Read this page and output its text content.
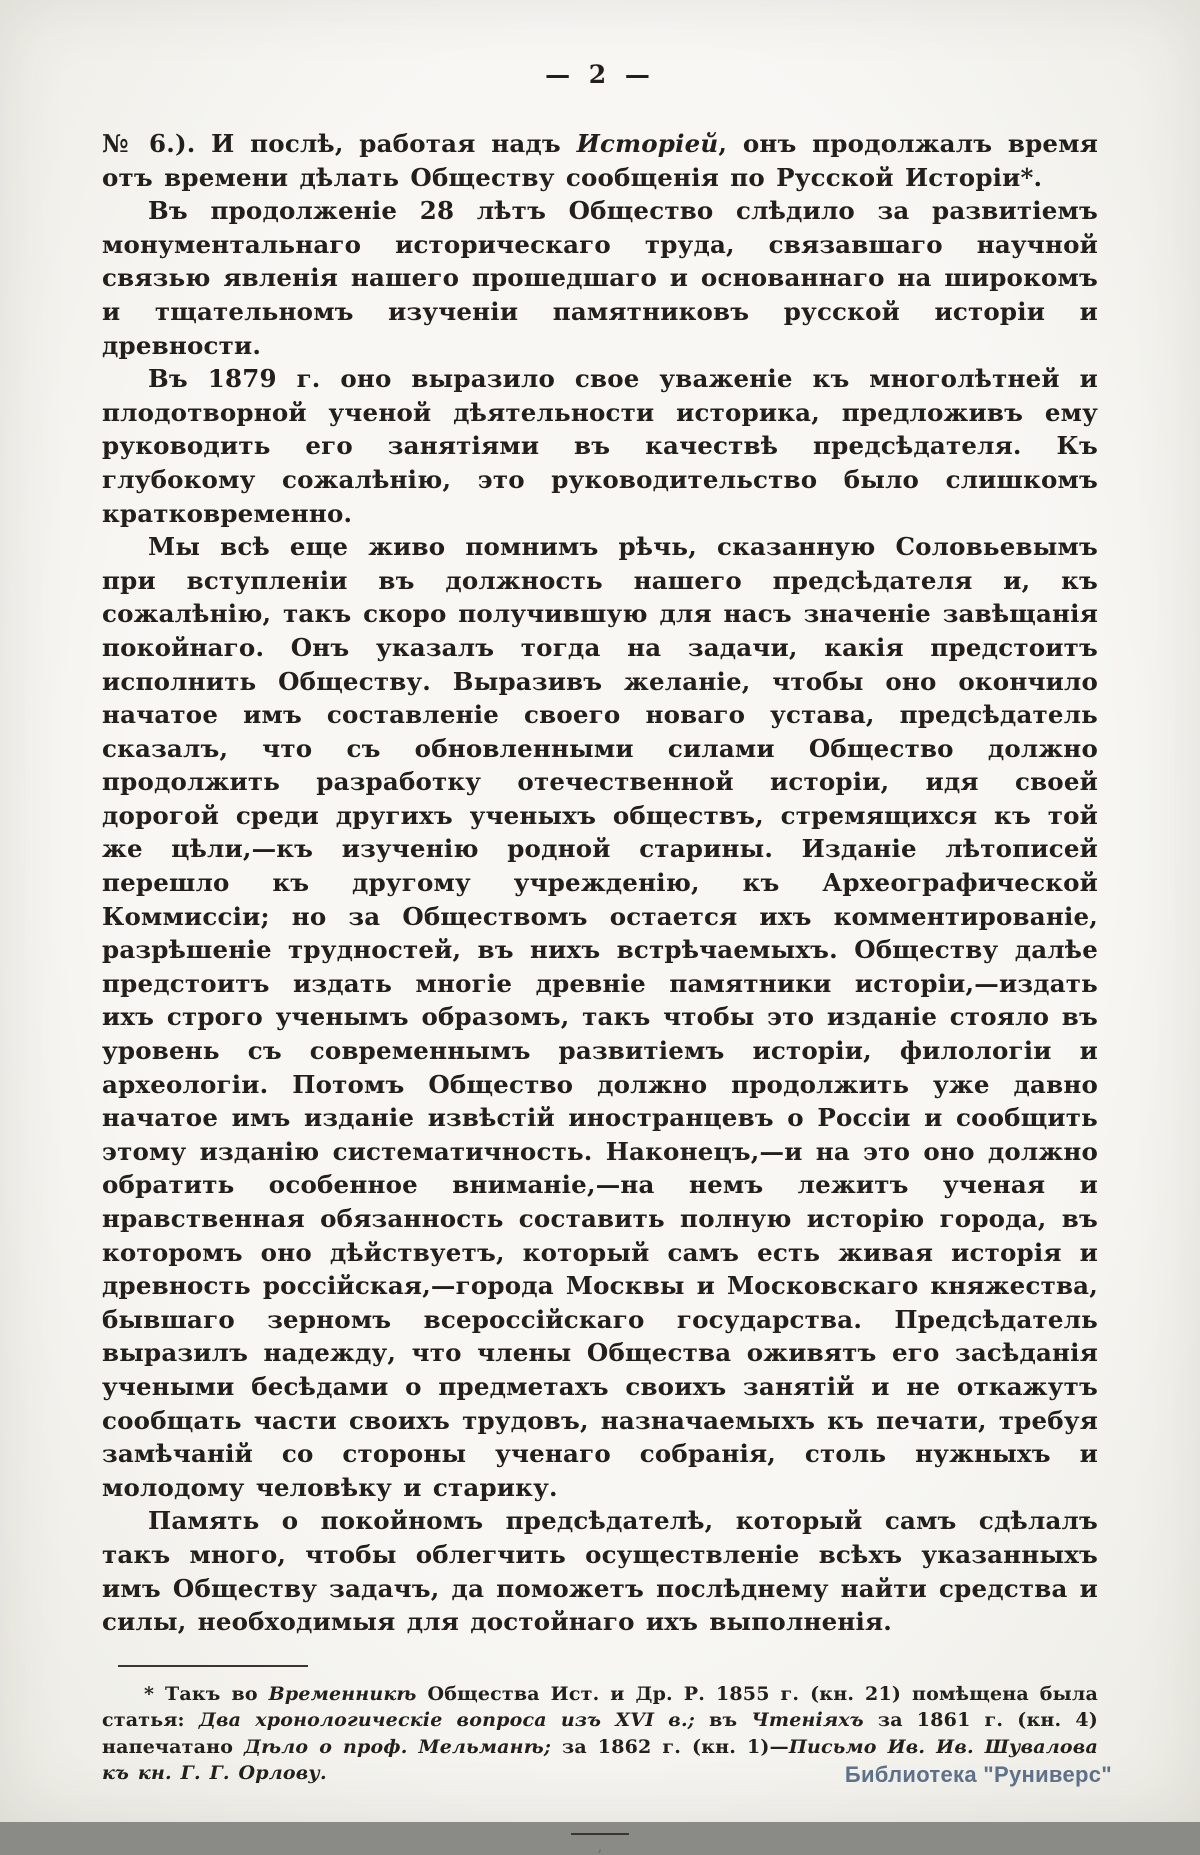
— 2 —

№ 6.). И послѣ, работая надъ Исторіей, онъ продолжалъ время отъ времени дѣлать Обществу сообщенія по Русской Исторіи*.

Въ продолженіе 28 лѣтъ Общество слѣдило за развитіемъ монументальнаго историческаго труда, связавшаго научной связью явленія нашего прошедшаго и основаннаго на широкомъ и тщательномъ изученіи памятниковъ русской исторіи и древности.

Въ 1879 г. оно выразило свое уваженіе къ многолѣтней и плодотворной ученой дѣятельности историка, предложивъ ему руководить его занятіями въ качествѣ предсѣдателя. Къ глубокому сожалѣнію, это руководительство было слишкомъ кратковременно.

Мы всѣ еще живо помнимъ рѣчь, сказанную Соловьевымъ при вступленіи въ должность нашего предсѣдателя и, къ сожалѣнію, такъ скоро получившую для насъ значеніе завѣщанія покойнаго. Онъ указалъ тогда на задачи, какія предстоитъ исполнить Обществу. Выразивъ желаніе, чтобы оно окончило начатое имъ составленіе своего новаго устава, предсѣдатель сказалъ, что съ обновленными силами Общество должно продолжить разработку отечественной исторіи, идя своей дорогой среди другихъ ученыхъ обществъ, стремящихся къ той же цѣли,—къ изученію родной старины. Изданіе лѣтописей перешло къ другому учрежденію, къ Археографической Коммиссіи; но за Обществомъ остается ихъ комментированіе, разрѣшеніе трудностей, въ нихъ встрѣчаемыхъ. Обществу далѣе предстоитъ издать многіе древніе памятники исторіи,—издать ихъ строго ученымъ образомъ, такъ чтобы это изданіе стояло въ уровень съ современнымъ развитіемъ исторіи, филологіи и археологіи. Потомъ Общество должно продолжить уже давно начатое имъ изданіе извѣстій иностранцевъ о Россіи и сообщить этому изданію систематичность. Наконецъ,—и на это оно должно обратить особенное вниманіе,—на немъ лежитъ ученая и нравственная обязанность составить полную исторію города, въ которомъ оно дѣйствуетъ, который самъ есть живая исторія и древность россійская,—города Москвы и Московскаго княжества, бывшаго зерномъ всероссійскаго государства. Предсѣдатель выразилъ надежду, что члены Общества оживятъ его засѣданія учеными бесѣдами о предметахъ своихъ занятій и не откажутъ сообщать части своихъ трудовъ, назначаемыхъ къ печати, требуя замѣчаній со стороны ученаго собранія, столь нужныхъ и молодому человѣку и старику.

Память о покойномъ предсѣдателѣ, который самъ сдѣлалъ такъ много, чтобы облегчить осуществленіе всѣхъ указанныхъ имъ Обществу задачъ, да поможетъ послѣднему найти средства и силы, необходимыя для достойнаго ихъ выполненія.

* Такъ во Временникѣ Общества Ист. и Др. Р. 1855 г. (кн. 21) помѣщена была статья: Два хронологическіе вопроса изъ XVI в.; въ Чтеніяхъ за 1861 г. (кн. 4) напечатано Дѣло о проф. Мельманѣ; за 1862 г. (кн. 1)—Письмо Ив. Ив. Шувалова къ кн. Г. Г. Орлову.

,
Библиотека "Руниверс"
